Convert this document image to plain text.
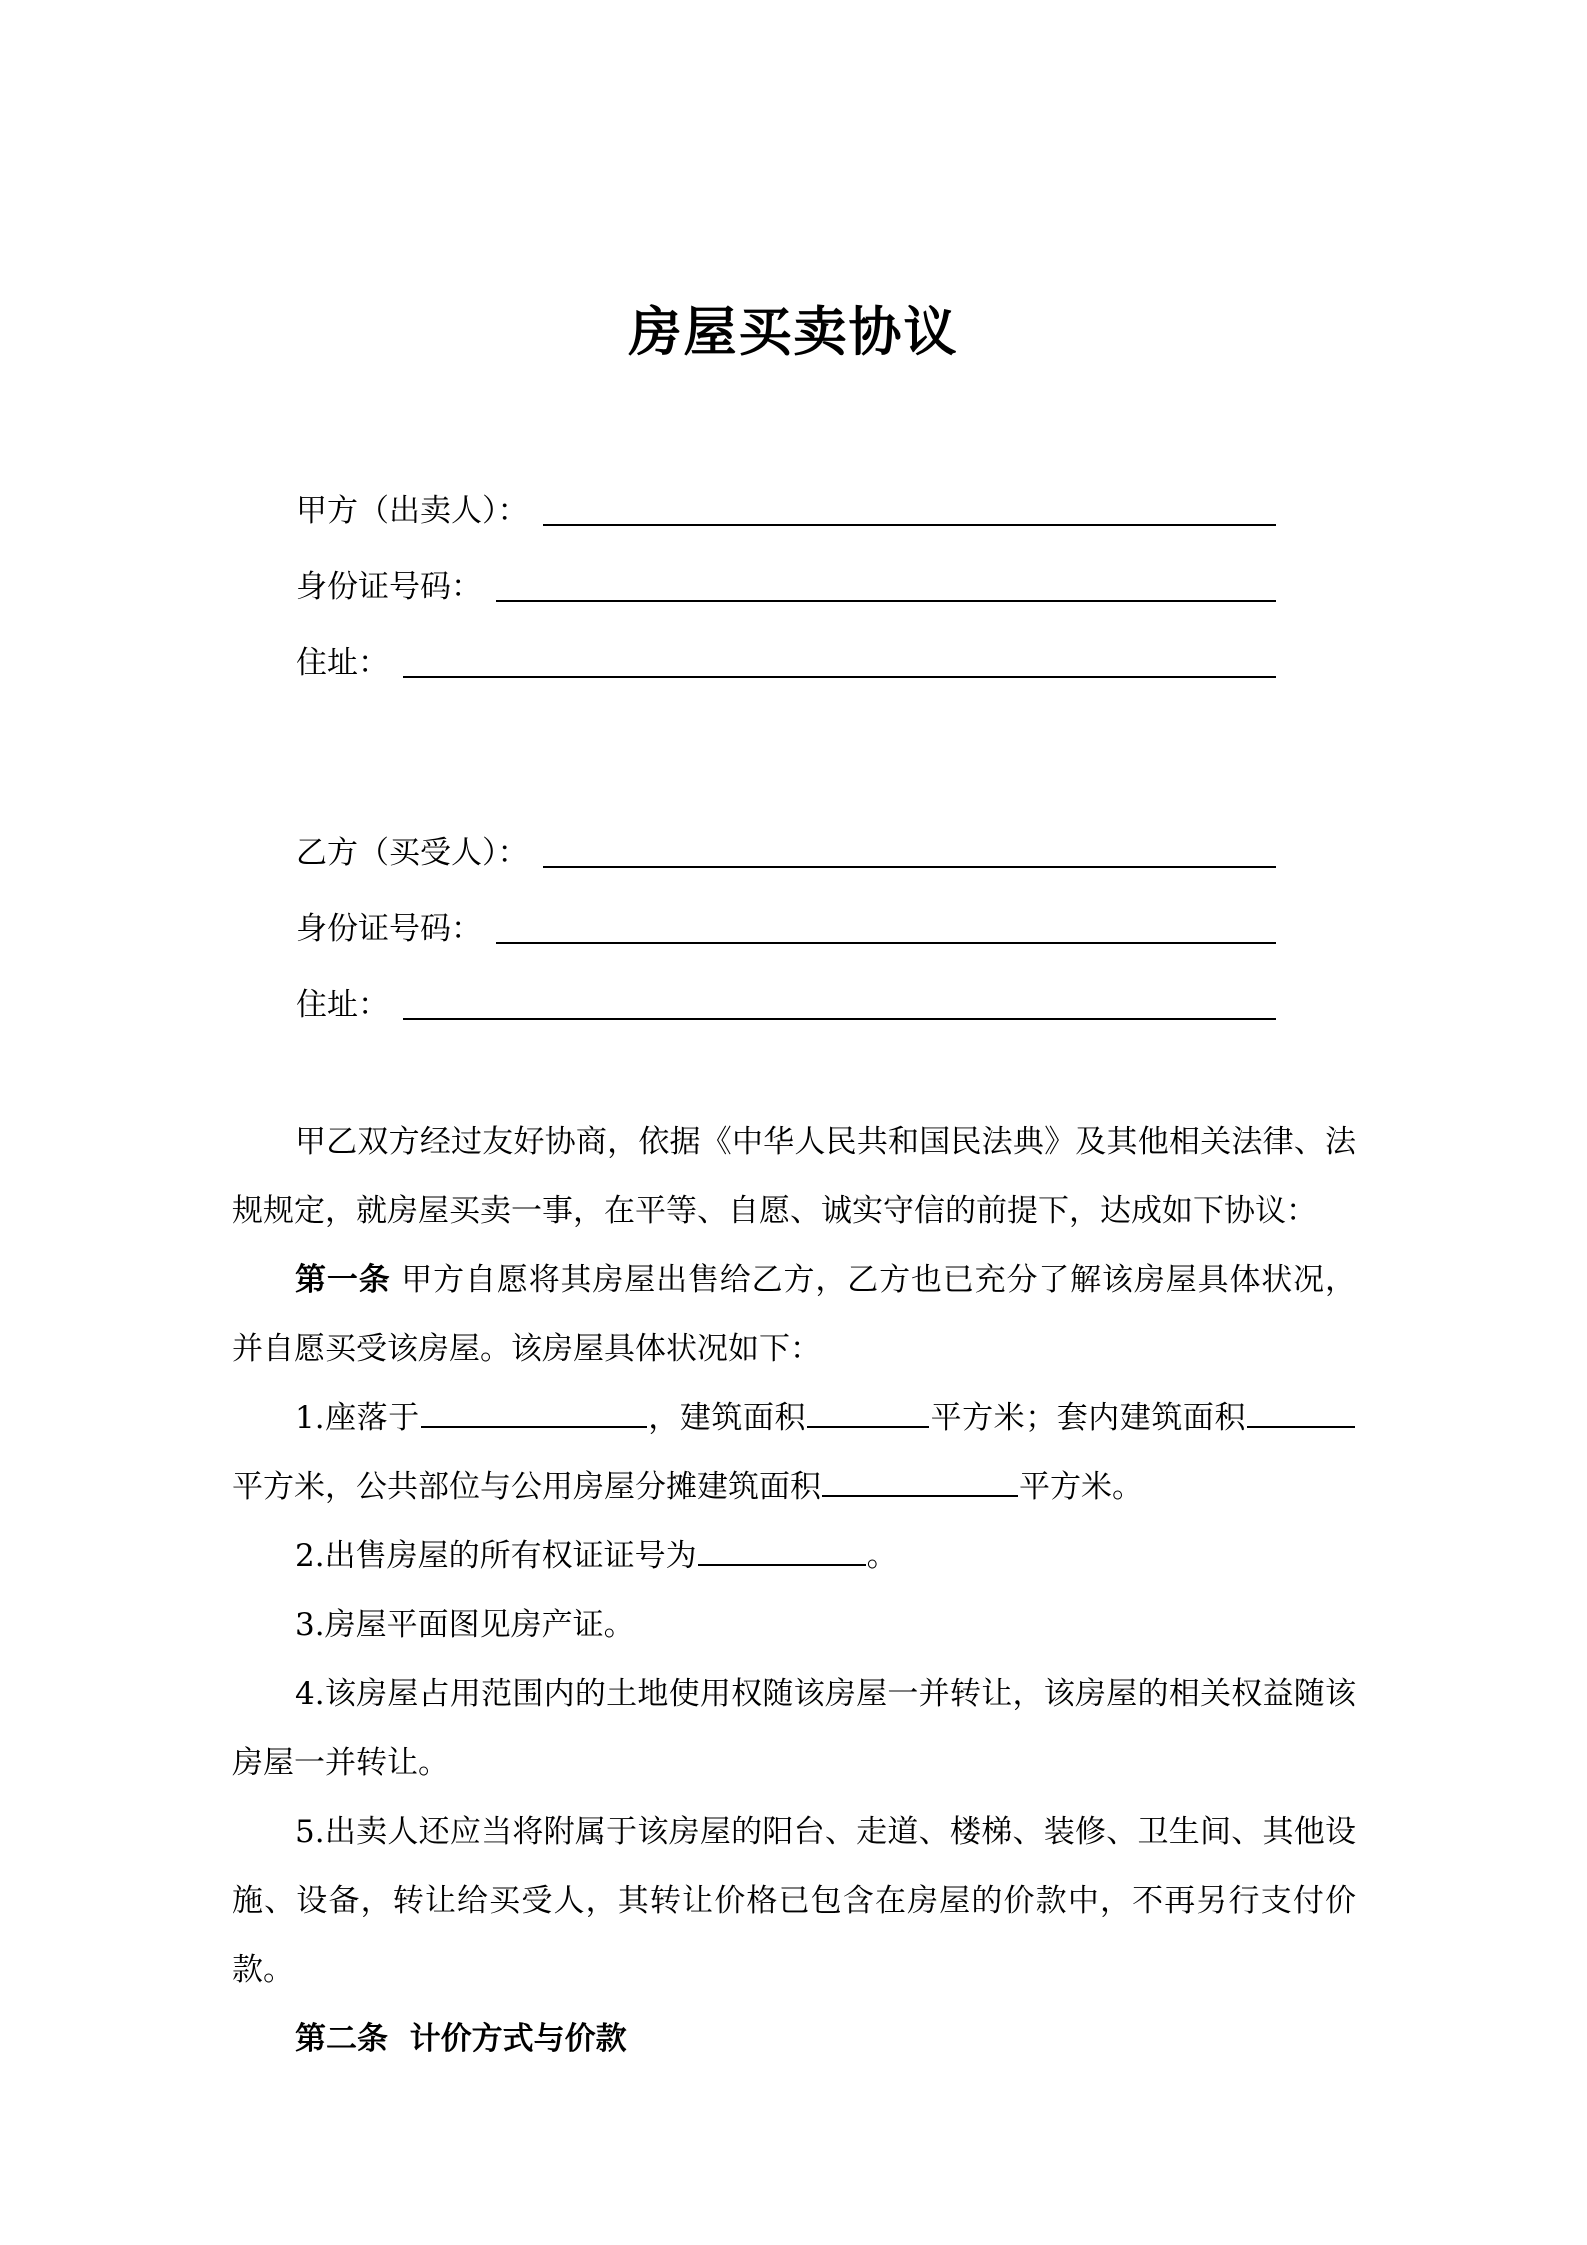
房屋买卖协议
甲方（出卖人）：
身份证号码：
住址：
乙方（买受人）：
身份证号码：
住址：

甲乙双方经过友好协商，依据《中华人民共和国民法典》及其他相关法律、法规规定，就房屋买卖一事，在平等、自愿、诚实守信的前提下，达成如下协议：

第一条 甲方自愿将其房屋出售给乙方，乙方也已充分了解该房屋具体状况，并自愿买受该房屋。该房屋具体状况如下：

1.座落于	，建筑面积	平方米；套内建筑面积平方米，公共部位与公用房屋分摊建筑面积	平方米。

2.出售房屋的所有权证证号为	。

3.房屋平面图见房产证。

4.该房屋占用范围内的土地使用权随该房屋一并转让，该房屋的相关权益随该房屋一并转让。

5.出卖人还应当将附属于该房屋的阳台、走道、楼梯、装修、卫生间、其他设施、设备，转让给买受人，其转让价格已包含在房屋的价款中，不再另行支付价款。

第二条 计价方式与价款
